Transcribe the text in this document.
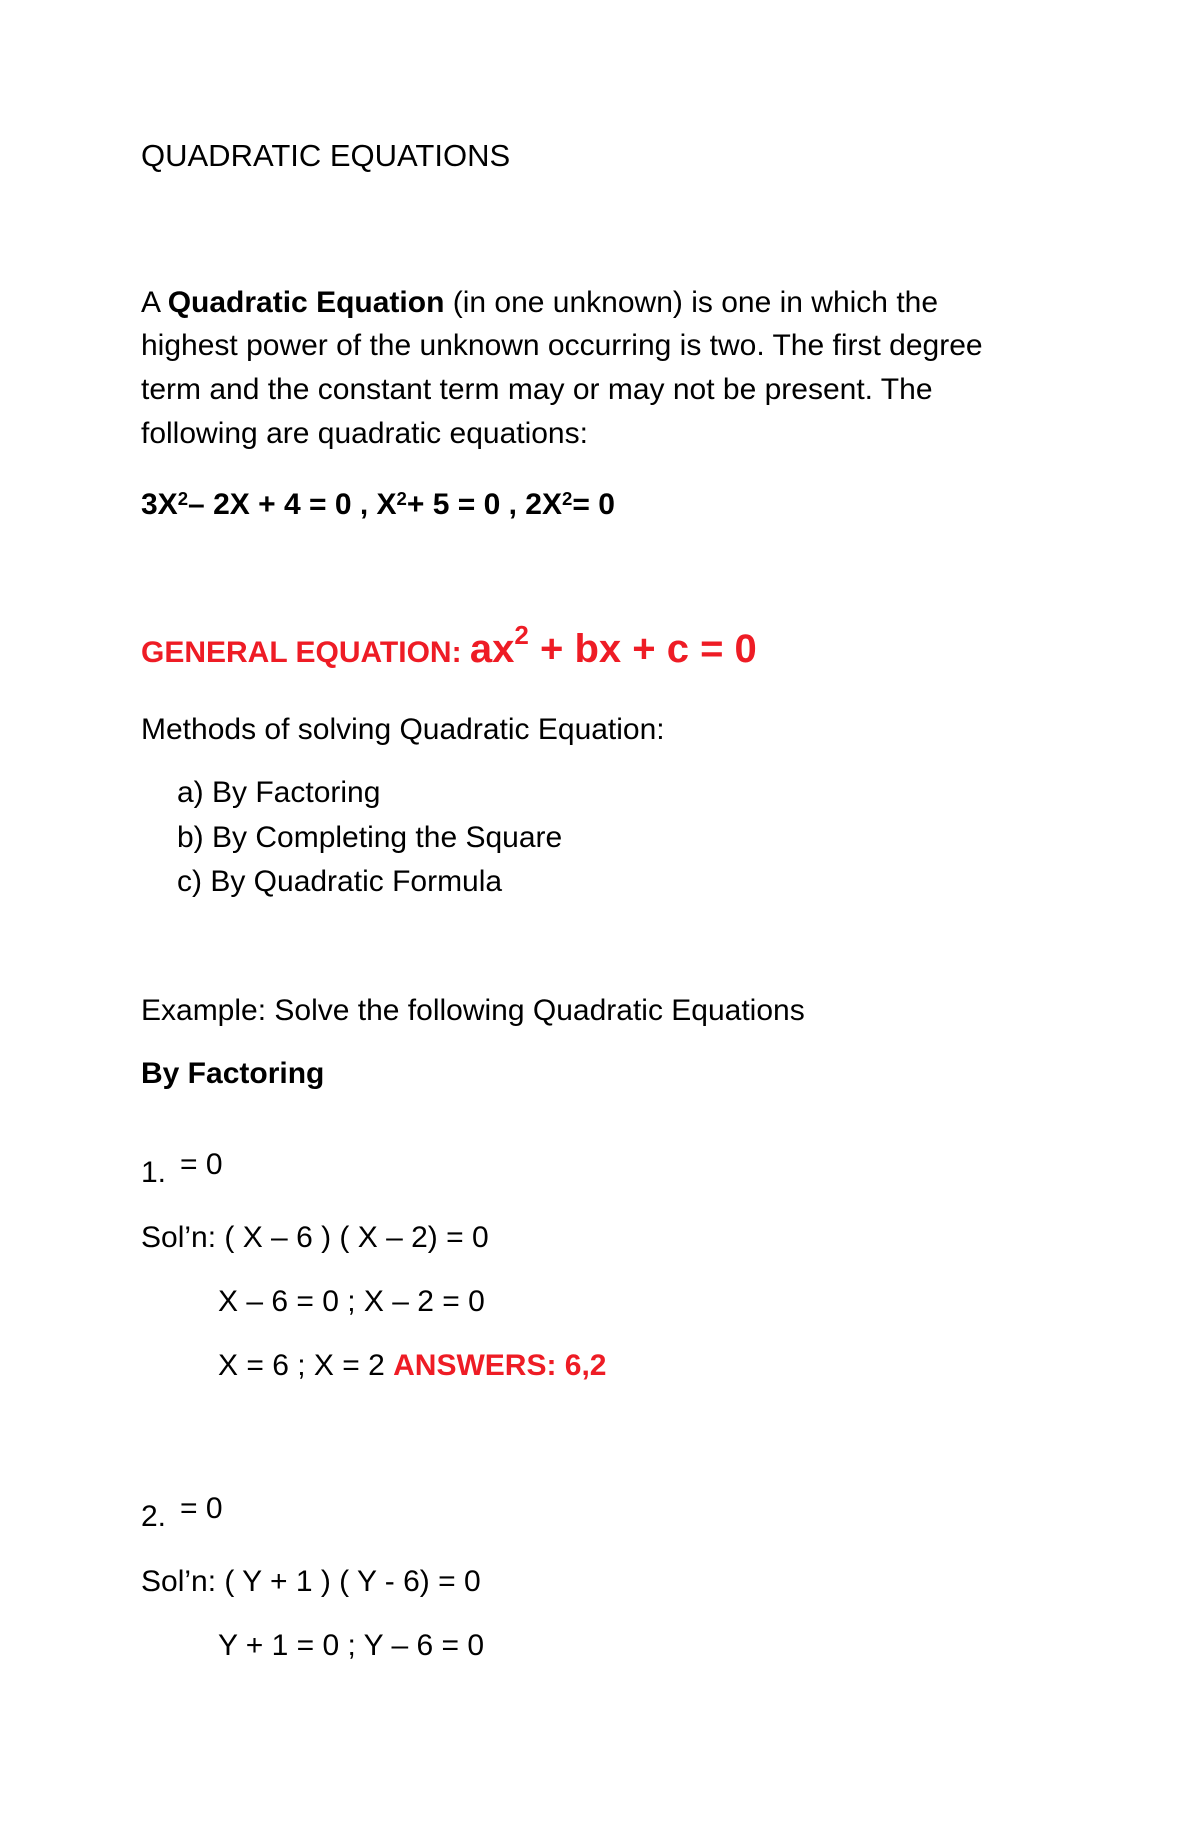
QUADRATIC EQUATIONS
A Quadratic Equation (in one unknown) is one in which the
highest power of the unknown occurring is two. The first degree
term and the constant term may or may not be present. The
following are quadratic equations:
$3X^2-$ 2X + 4 = 0 , $X^2+ 5 = 0$ , $2X^2= 0$
GENERAL EQUATION: $ax^2$ + bx + c = 0
Methods of solving Quadratic Equation:
a) By Factoring
b) By Completing the Square
c) By Quadratic Formula
Example: Solve the following Quadratic Equations
By Factoring
1. = 0
Sol’n: ( X – 6 ) ( X – 2) = 0
X – 6 = 0 ; X – 2 = 0
X = 6 ; X = 2 ANSWERS: 6,2
2. = 0
Sol’n: ( Y + 1 ) ( Y - 6) = 0
Y + 1 = 0 ; Y – 6 = 0
